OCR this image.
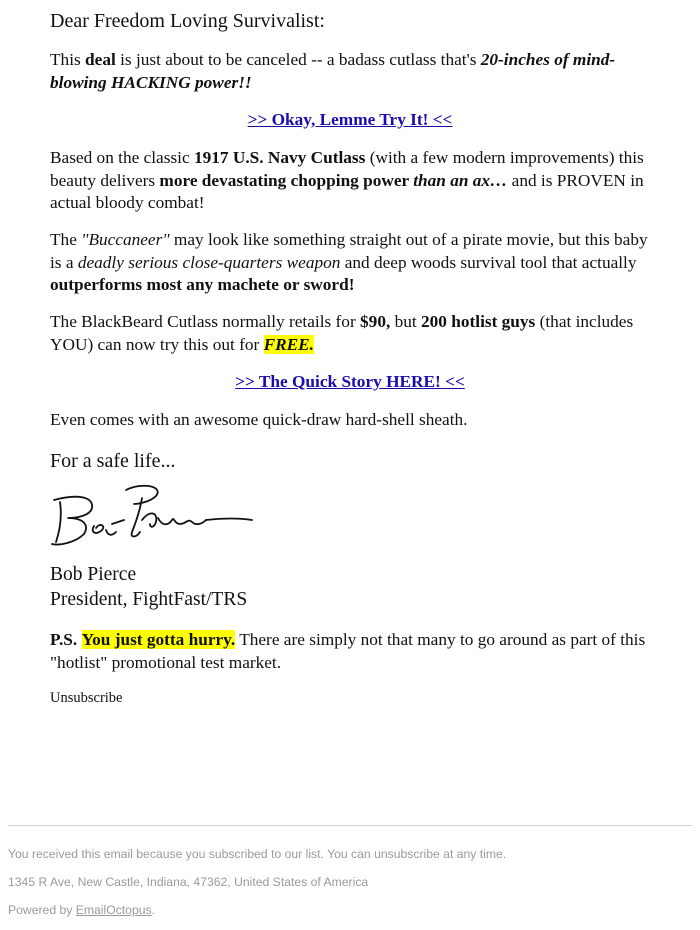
Dear Freedom Loving Survivalist:

This deal is just about to be canceled -- a badass cutlass that's 20-inches of mind-blowing HACKING power!!

>> Okay, Lemme Try It! <<

Based on the classic 1917 U.S. Navy Cutlass (with a few modern improvements) this beauty delivers more devastating chopping power than an ax… and is PROVEN in actual bloody combat!

The "Buccaneer" may look like something straight out of a pirate movie, but this baby is a deadly serious close-quarters weapon and deep woods survival tool that actually outperforms most any machete or sword!

The BlackBeard Cutlass normally retails for $90, but 200 hotlist guys (that includes YOU) can now try this out for FREE.

>> The Quick Story HERE! <<

Even comes with an awesome quick-draw hard-shell sheath.

For a safe life...
Bob Pierce
President, FightFast/TRS

P.S. You just gotta hurry. There are simply not that many to go around as part of this "hotlist" promotional test market.

Unsubscribe
You received this email because you subscribed to our list. You can unsubscribe at any time.
1345 R Ave, New Castle, Indiana, 47362, United States of America
Powered by EmailOctopus.
